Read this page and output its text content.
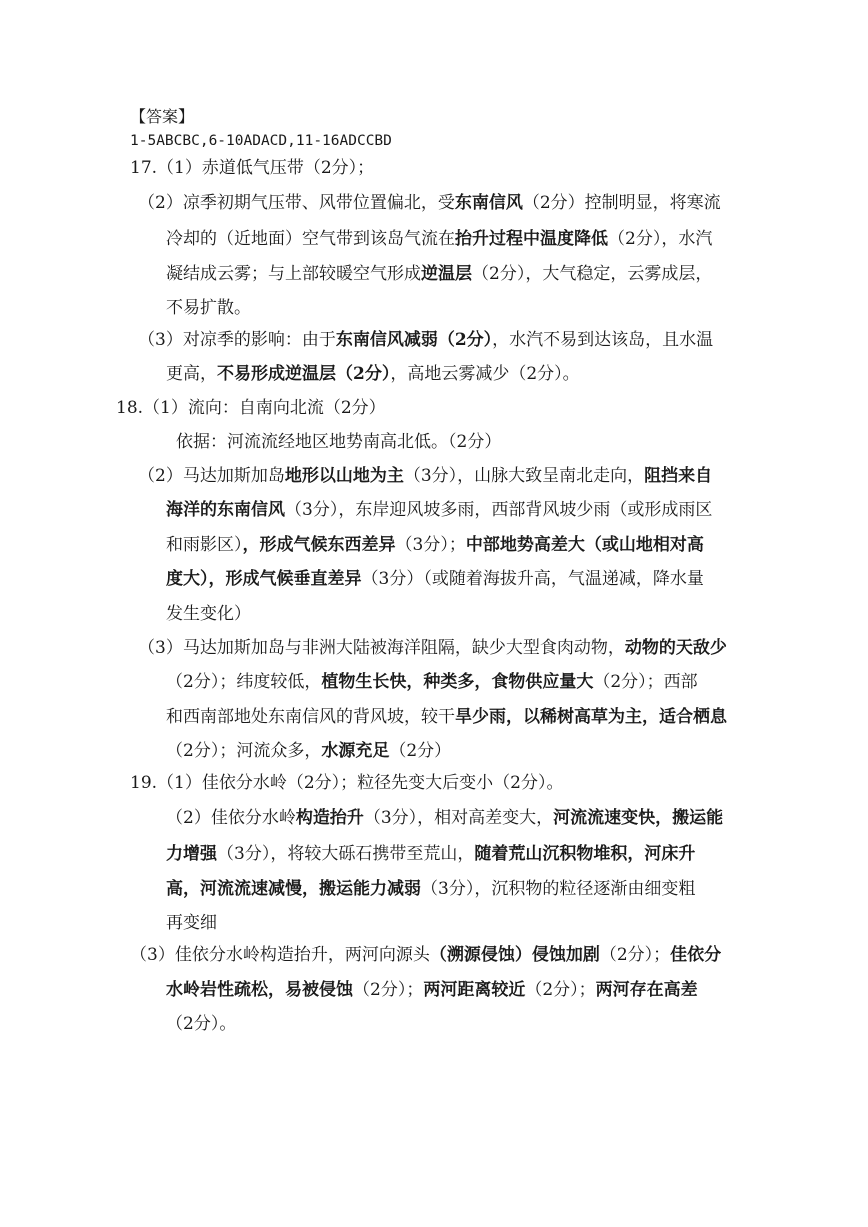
【答案】
1-5ABCBC,6-10ADACD,11-16ADCCBD
17.（1）赤道低气压带（2分）；
（2）凉季初期气压带、风带位置偏北，受东南信风（2分）控制明显，将寒流
冷却的（近地面）空气带到该岛气流在抬升过程中温度降低（2分），水汽
凝结成云雾；与上部较暖空气形成逆温层（2分），大气稳定，云雾成层，
不易扩散。
（3）对凉季的影响：由于东南信风减弱（2分），水汽不易到达该岛，且水温
更高，不易形成逆温层（2分），高地云雾减少（2分）。
18.（1）流向：自南向北流（2分）
依据：河流流经地区地势南高北低。（2分）
（2）马达加斯加岛地形以山地为主（3分），山脉大致呈南北走向，阻挡来自
海洋的东南信风（3分），东岸迎风坡多雨，西部背风坡少雨（或形成雨区
和雨影区），形成气候东西差异（3分）；中部地势高差大（或山地相对高
度大），形成气候垂直差异（3分）（或随着海拔升高，气温递减，降水量
发生变化）
（3）马达加斯加岛与非洲大陆被海洋阻隔，缺少大型食肉动物，动物的天敌少
（2分）；纬度较低，植物生长快，种类多，食物供应量大（2分）；西部
和西南部地处东南信风的背风坡，较干旱少雨，以稀树高草为主，适合栖息
（2分）；河流众多，水源充足（2分）
19.（1）佳依分水岭（2分）；粒径先变大后变小（2分）。
（2）佳依分水岭构造抬升（3分），相对高差变大，河流流速变快，搬运能
力增强（3分），将较大砾石携带至荒山，随着荒山沉积物堆积，河床升
高，河流流速减慢，搬运能力减弱（3分），沉积物的粒径逐渐由细变粗
再变细
（3）佳依分水岭构造抬升，两河向源头（溯源侵蚀）侵蚀加剧（2分）；佳依分
水岭岩性疏松，易被侵蚀（2分）；两河距离较近（2分）；两河存在高差
（2分）。
